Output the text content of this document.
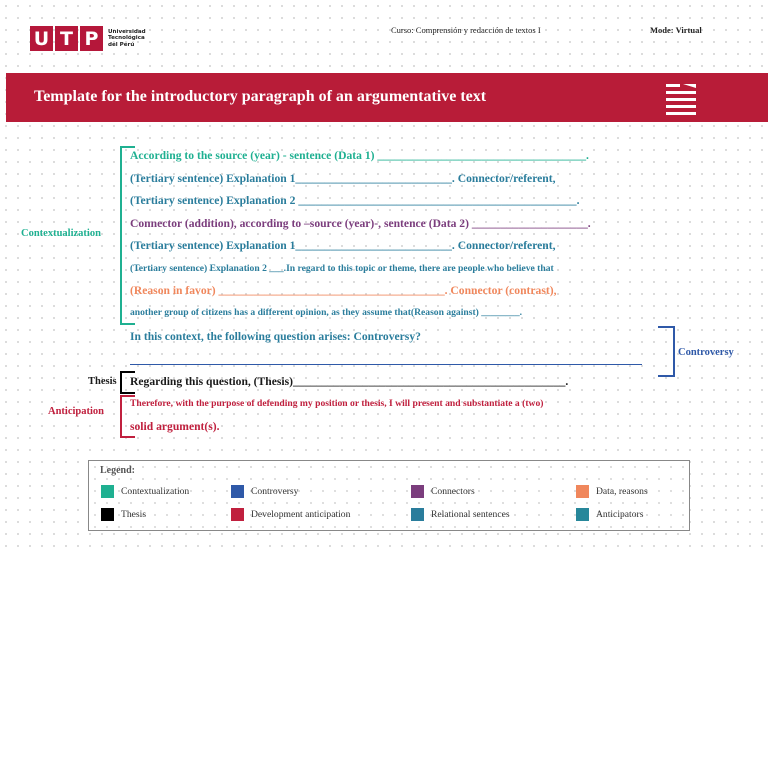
U T P	Universidad
Tecnológica
del Perú
Curso: Comprensión y redacción de textos I	Mode: Virtual
Template for the introductory paragraph of an argumentative text
Contextualization
According to the source (year) - sentence (Data 1) ____________________________________.
(Tertiary sentence) Explanation 1___________________________. Connector/referent,
(Tertiary sentence) Explanation 2 ________________________________________________.
Connector (addition), according to –source (year)-, sentence (Data 2) ____________________.
(Tertiary sentence) Explanation 1___________________________. Connector/referent,
(Tertiary sentence) Explanation 2 ___.In regard to this topic or theme, there are people who believe that
(Reason in favor) _______________________________________. Connector (contrast),
another group of citizens has a different opinion, as they assume that(Reason against) ________.
In this context, the following question arises: Controversy?
Controversy
Thesis Regarding this question, (Thesis)_______________________________________________.
Anticipation
Therefore, with the purpose of defending my position or thesis, I will present and substantiate a (two)
solid argument(s).
Legend:
Contextualization	Controversy	Connectors	Data, reasons
Thesis	Development anticipation	Relational sentences	Anticipators
